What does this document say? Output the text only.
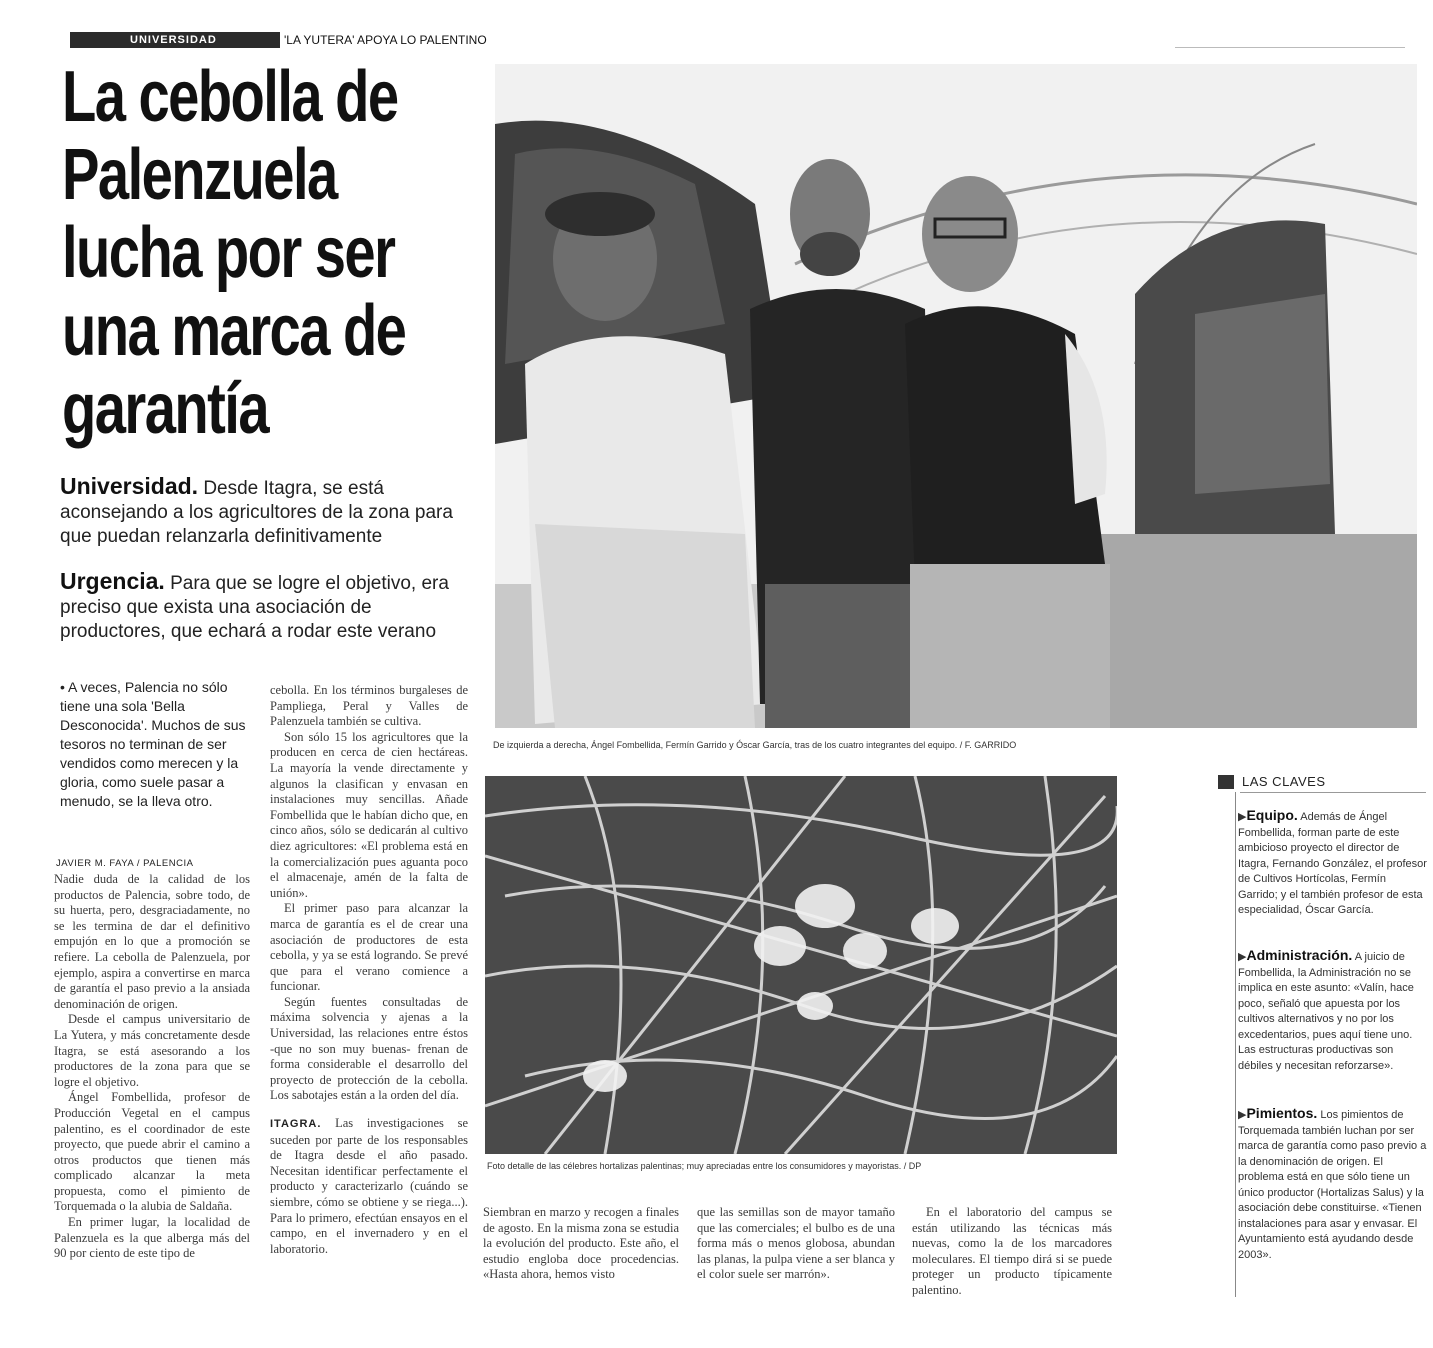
UNIVERSIDAD	'LA YUTERA' APOYA LO PALENTINO
La cebolla de
Palenzuela
lucha por ser
una marca de
garantía
Universidad. Desde Itagra, se está aconsejando a los agricultores de la zona para que puedan relanzarla definitivamente
Urgencia. Para que se logre el objetivo, era preciso que exista una asociación de productores, que echará a rodar este verano
De izquierda a derecha, Ángel Fombellida, Fermín Garrido y Óscar García, tras de los cuatro integrantes del equipo. / F. GARRIDO
Foto detalle de las célebres hortalizas palentinas; muy apreciadas entre los consumidores y mayoristas. / DP
• A veces, Palencia no sólo tiene una sola 'Bella Desconocida'. Muchos de sus tesoros no terminan de ser vendidos como merecen y la gloria, como suele pasar a menudo, se la lleva otro.
JAVIER M. FAYA / PALENCIA

Nadie duda de la calidad de los productos de Palencia, sobre todo, de su huerta, pero, desgraciadamente, no se les termina de dar el definitivo empujón en lo que a promoción se refiere. La cebolla de Palenzuela, por ejemplo, aspira a convertirse en marca de garantía el paso previo a la ansiada denominación de origen.

Desde el campus universitario de La Yutera, y más concretamente desde Itagra, se está asesorando a los productores de la zona para que se logre el objetivo.

Ángel Fombellida, profesor de Producción Vegetal en el campus palentino, es el coordinador de este proyecto, que puede abrir el camino a otros productos que tienen más complicado alcanzar la meta propuesta, como el pimiento de Torquemada o la alubia de Saldaña.

En primer lugar, la localidad de Palenzuela es la que alberga más del 90 por ciento de este tipo de

cebolla. En los términos burgaleses de Pampliega, Peral y Valles de Palenzuela también se cultiva.

Son sólo 15 los agricultores que la producen en cerca de cien hectáreas. La mayoría la vende directamente y algunos la clasifican y envasan en instalaciones muy sencillas. Añade Fombellida que le habían dicho que, en cinco años, sólo se dedicarán al cultivo diez agricultores: «El problema está en la comercialización pues aguanta poco el almacenaje, amén de la falta de unión».

El primer paso para alcanzar la marca de garantía es el de crear una asociación de productores de esta cebolla, y ya se está logrando. Se prevé que para el verano comience a funcionar.

Según fuentes consultadas de máxima solvencia y ajenas a la Universidad, las relaciones entre éstos -que no son muy buenas- frenan de forma considerable el desarrollo del proyecto de protección de la cebolla. Los sabotajes están a la orden del día.

ITAGRA. Las investigaciones se suceden por parte de los responsables de Itagra desde el año pasado. Necesitan identificar perfectamente el producto y caracterizarlo (cuándo se siembre, cómo se obtiene y se riega...). Para lo primero, efectúan ensayos en el campo, en el invernadero y en el laboratorio.

Siembran en marzo y recogen a finales de agosto. En la misma zona se estudia la evolución del producto. Este año, el estudio engloba doce procedencias. «Hasta ahora, hemos visto

que las semillas son de mayor tamaño que las comerciales; el bulbo es de una forma más o menos globosa, abundan las planas, la pulpa viene a ser blanca y el color suele ser marrón».

En el laboratorio del campus se están utilizando las técnicas más nuevas, como la de los marcadores moleculares. El tiempo dirá si se puede proteger un producto típicamente palentino.

LAS CLAVES
▶Equipo. Además de Ángel Fombellida, forman parte de este ambicioso proyecto el director de Itagra, Fernando González, el profesor de Cultivos Hortícolas, Fermín Garrido; y el también profesor de esta especialidad, Óscar García.
▶Administración. A juicio de Fombellida, la Administración no se implica en este asunto: «Valín, hace poco, señaló que apuesta por los cultivos alternativos y no por los excedentarios, pues aquí tiene uno. Las estructuras productivas son débiles y necesitan reforzarse».
▶Pimientos. Los pimientos de Torquemada también luchan por ser marca de garantía como paso previo a la denominación de origen. El problema está en que sólo tiene un único productor (Hortalizas Salus) y la asociación debe constituirse. «Tienen instalaciones para asar y envasar. El Ayuntamiento está ayudando desde 2003».
